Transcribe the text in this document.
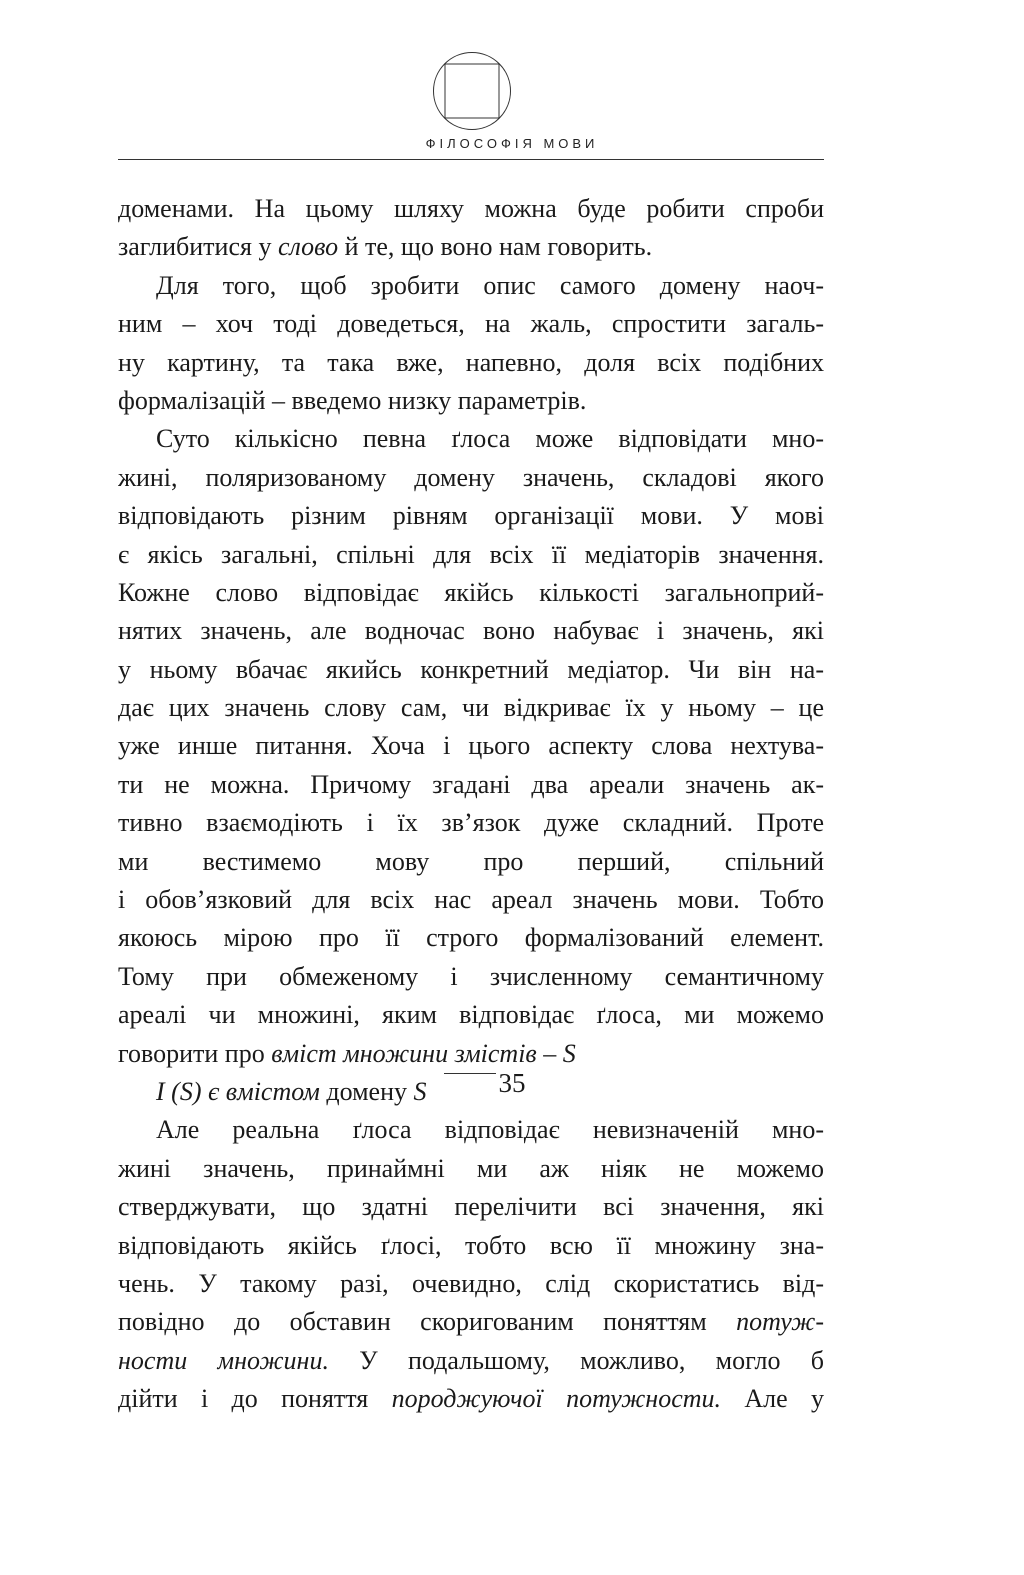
ФІЛОСОФІЯ МОВИ
доменами. На цьому шляху можна буде робити спроби
заглибитися у слово й те, що воно нам говорить.
Для того, щоб зробити опис самого домену наоч-
ним – хоч тоді доведеться, на жаль, спростити загаль-
ну картину, та така вже, напевно, доля всіх подібних
формалізацій – введемо низку параметрів.
Суто кількісно певна ґлоса може відповідати мно-
жині, поляризованому домену значень, складові якого
відповідають різним рівням організації мови. У мові
є якісь загальні, спільні для всіх її медіаторів значення.
Кожне слово відповідає якійсь кількості загальноприй-
нятих значень, але водночас воно набуває і значень, які
у ньому вбачає якийсь конкретний медіатор. Чи він на-
дає цих значень слову сам, чи відкриває їх у ньому – це
уже инше питання. Хоча і цього аспекту слова нехтува-
ти не можна. Причому згадані два ареали значень ак-
тивно взаємодіють і їх зв’язок дуже складний. Проте
ми вестимемо мову про перший, спільний
і обов’язковий для всіх нас ареал значень мови. Тобто
якоюсь мірою про її строго формалізований елемент.
Тому при обмеженому і зчисленному семантичному
ареалі чи множині, яким відповідає ґлоса, ми можемо
говорити про вміст множини змістів – S
I (S) є вмістом домену S
Але реальна ґлоса відповідає невизначеній мно-
жині значень, принаймні ми аж ніяк не можемо
стверджувати, що здатні перелічити всі значення, які
відповідають якійсь ґлосі, тобто всю її множину зна-
чень. У такому разі, очевидно, слід скористатись від-
повідно до обставин скоригованим поняттям потуж-
ности множини. У подальшому, можливо, могло б
дійти і до поняття породжуючої потужности. Але у
35
